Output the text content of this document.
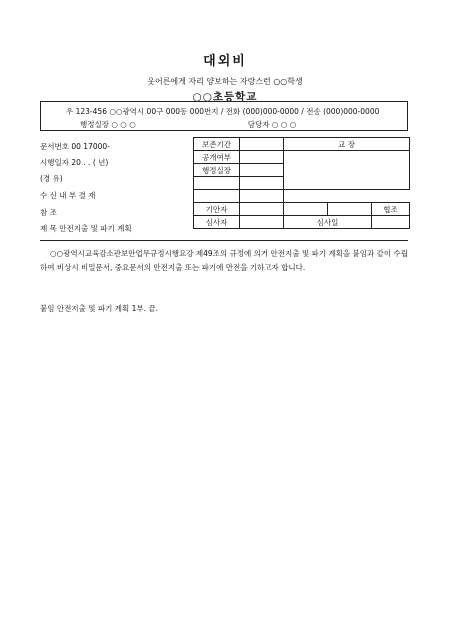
대외비
웃어른에게 자리 양보하는 자랑스런 ○○학생
○○초등학교
우 123-456 ○○광역시 00구 000동 000번지 / 전화 (000)000-0000 / 전송 (000)000-0000
행정실장 ○ ○ ○	담당자 ○ ○ ○
문서번호 00 17000-
시행일자 20 . . ( 년)
(경 유)
수 신 내 부 결 재
참 조
제 목 안전지출 및 파기 계획
보존기간		교 장		
공개여부				
행정실장				

기안자				협조
심사자		심사일		

○○광역시교육감소관보안업무규정시행요강 제49조의 규정에 의거 안전지출 및 파기 계획을 붙임과 같이 수립하여 비상시 비밀문서, 중요문서의 안전지출 또는 파기에 만전을 기하고자 합니다.

붙임 안전지출 및 파기 계획 1부. 끝.
